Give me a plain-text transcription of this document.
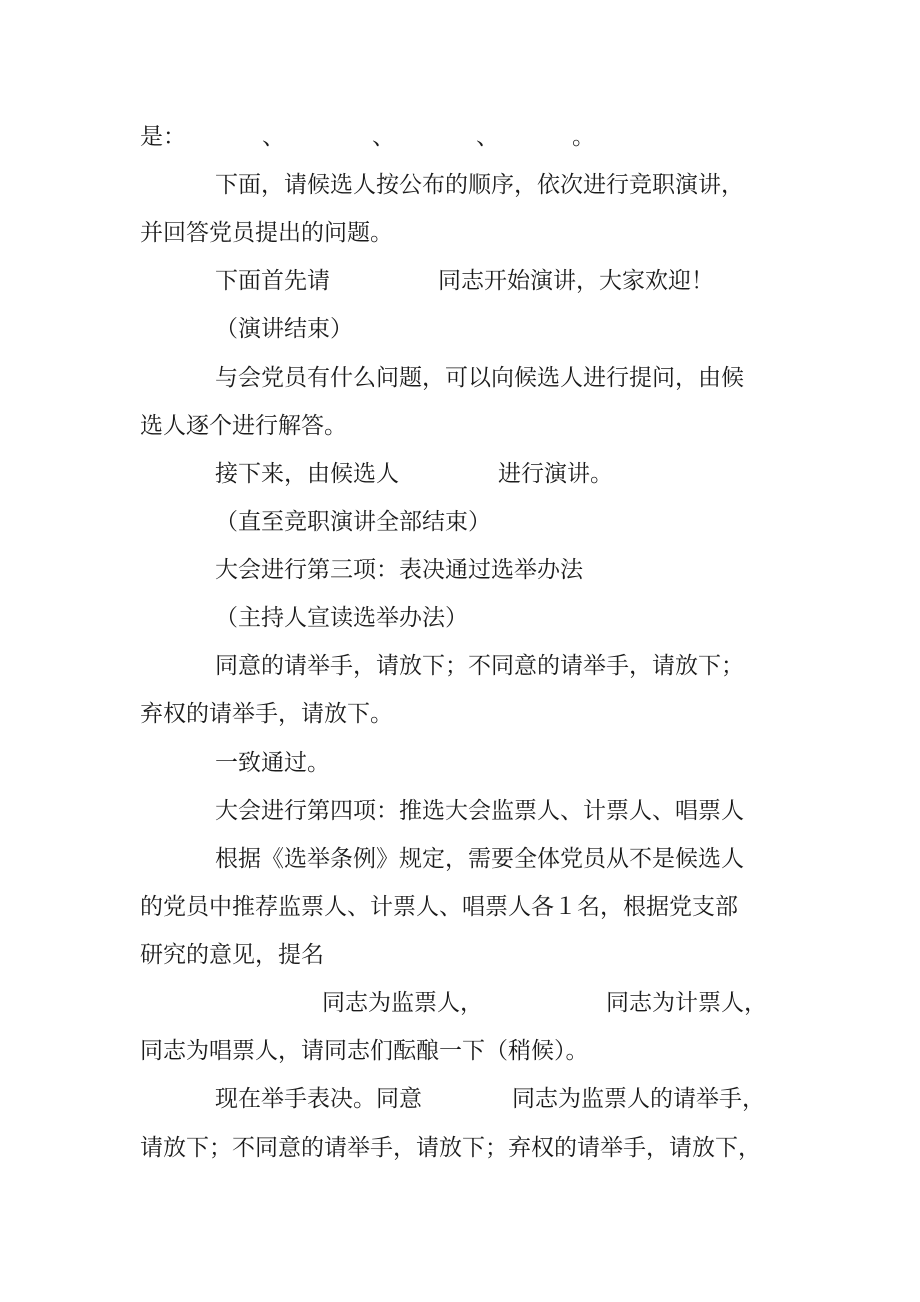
是：	、	、	、	。
下面，请候选人按公布的顺序，依次进行竞职演讲，
并回答党员提出的问题。
下面首先请	同志开始演讲，大家欢迎！
（演讲结束）
与会党员有什么问题，可以向候选人进行提问，由候
选人逐个进行解答。
接下来，由候选人	进行演讲。
（直至竞职演讲全部结束）
大会进行第三项：表决通过选举办法
（主持人宣读选举办法）
同意的请举手，请放下；不同意的请举手，请放下；
弃权的请举手，请放下。
一致通过。
大会进行第四项：推选大会监票人、计票人、唱票人
根据《选举条例》规定，需要全体党员从不是候选人
的党员中推荐监票人、计票人、唱票人各１名，根据党支部
研究的意见，提名
同志为监票人，	同志为计票人，
同志为唱票人，请同志们酝酿一下（稍候）。
现在举手表决。同意	同志为监票人的请举手，
请放下；不同意的请举手，请放下；弃权的请举手，请放下，
